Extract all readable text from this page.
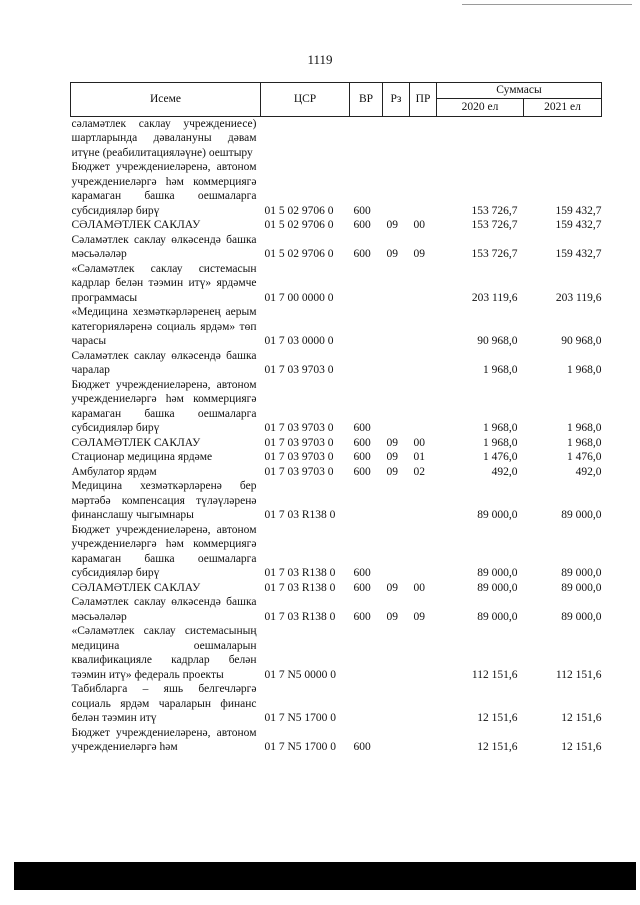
1119
Исеме	ЦСР	ВР	Рз	ПР	Суммасы	
					2020 ел	2021 ел
сәламәтлек саклау учреждениесе) шартларында дәвалануны дәвам итүне (реабилитацияләүне) оештыру						
Бюджет учреждениеләренә, автоном учреждениеләргә һәм коммерциягә карамаган башка оешмаларга субсидияләр бирү	01 5 02 9706 0	600			153 726,7	159 432,7
СӘЛАМӘТЛЕК САКЛАУ	01 5 02 9706 0	600	09	00	153 726,7	159 432,7
Сәламәтлек саклау өлкәсендә башка мәсьәләләр	01 5 02 9706 0	600	09	09	153 726,7	159 432,7
«Сәламәтлек саклау системасын кадрлар белән тәэмин итү» ярдәмче программасы	01 7 00 0000 0				203 119,6	203 119,6
«Медицина хезмәткәрләренең аерым категорияләренә социаль ярдәм» төп чарасы	01 7 03 0000 0				90 968,0	90 968,0
Сәламәтлек саклау өлкәсендә башка чаралар	01 7 03 9703 0				1 968,0	1 968,0
Бюджет учреждениеләренә, автоном учреждениеләргә һәм коммерциягә карамаган башка оешмаларга субсидияләр бирү	01 7 03 9703 0	600			1 968,0	1 968,0
СӘЛАМӘТЛЕК САКЛАУ	01 7 03 9703 0	600	09	00	1 968,0	1 968,0
Стационар медицина ярдәме	01 7 03 9703 0	600	09	01	1 476,0	1 476,0
Амбулатор ярдәм	01 7 03 9703 0	600	09	02	492,0	492,0
Медицина хезмәткәрләренә бер мәртәбә компенсация түләүләренә финанслашу чыгымнары	01 7 03 R138 0				89 000,0	89 000,0
Бюджет учреждениеләренә, автоном учреждениеләргә һәм коммерциягә карамаган башка оешмаларга субсидияләр бирү	01 7 03 R138 0	600			89 000,0	89 000,0
СӘЛАМӘТЛЕК САКЛАУ	01 7 03 R138 0	600	09	00	89 000,0	89 000,0
Сәламәтлек саклау өлкәсендә башка мәсьәләләр	01 7 03 R138 0	600	09	09	89 000,0	89 000,0
«Сәламәтлек саклау системасының медицина оешмаларын квалификацияле кадрлар белән тәэмин итү» федераль проекты	01 7 N5 0000 0				112 151,6	112 151,6
Табибларга – яшь белгечләргә социаль ярдәм чараларын финанс белән тәэмин итү	01 7 N5 1700 0				12 151,6	12 151,6
Бюджет учреждениеләренә, автоном учреждениеләргә һәм	01 7 N5 1700 0	600			12 151,6	12 151,6
